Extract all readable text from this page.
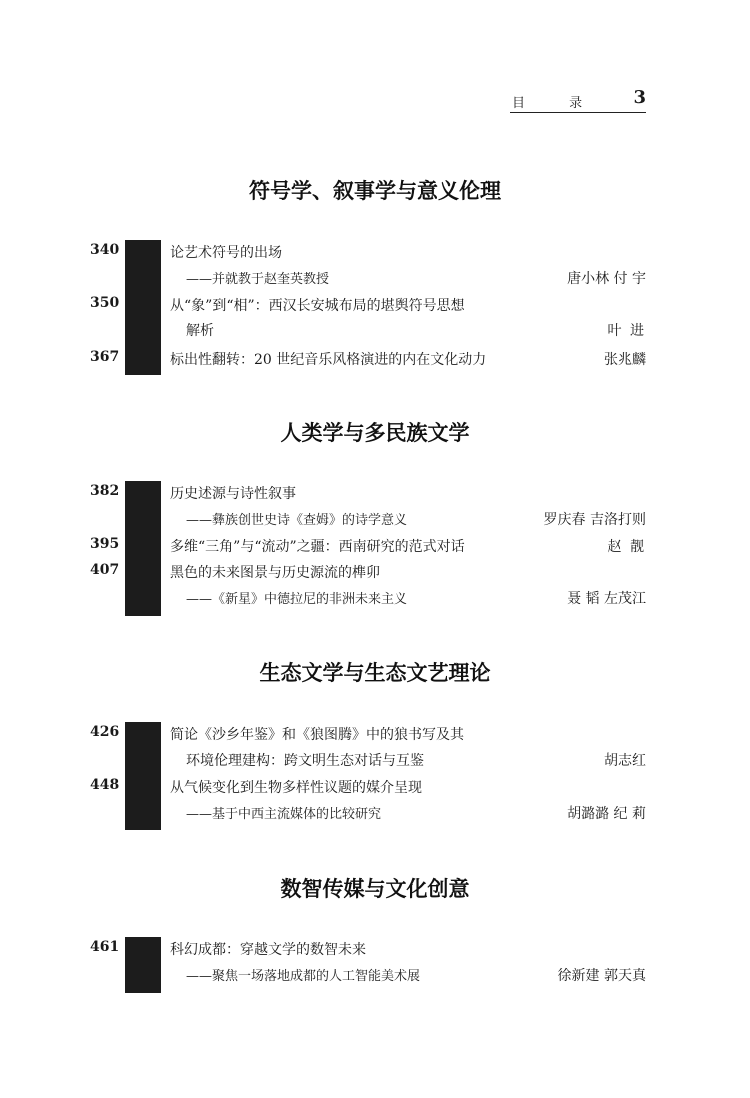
目 录 3
符号学、叙事学与意义伦理
340	论艺术符号的出场
——并就教于赵奎英教授	唐小林 付 宇
350	从“象”到“相”：西汉长安城布局的堪舆符号思想
解析	叶 进
367	标出性翻转：20 世纪音乐风格演进的内在文化动力	张兆麟
人类学与多民族文学
382	历史述源与诗性叙事
——彝族创世史诗《查姆》的诗学意义	罗庆春 吉洛打则
395	多维“三角”与“流动”之疆：西南研究的范式对话	赵 靓
407	黑色的未来图景与历史源流的榫卯
——《新星》中德拉尼的非洲未来主义	聂 韬 左茂江
生态文学与生态文艺理论
426	简论《沙乡年鉴》和《狼图腾》中的狼书写及其
环境伦理建构：跨文明生态对话与互鉴	胡志红
448	从气候变化到生物多样性议题的媒介呈现
——基于中西主流媒体的比较研究	胡潞潞 纪 莉
数智传媒与文化创意
461	科幻成都：穿越文学的数智未来
——聚焦一场落地成都的人工智能美术展	徐新建 郭天真
